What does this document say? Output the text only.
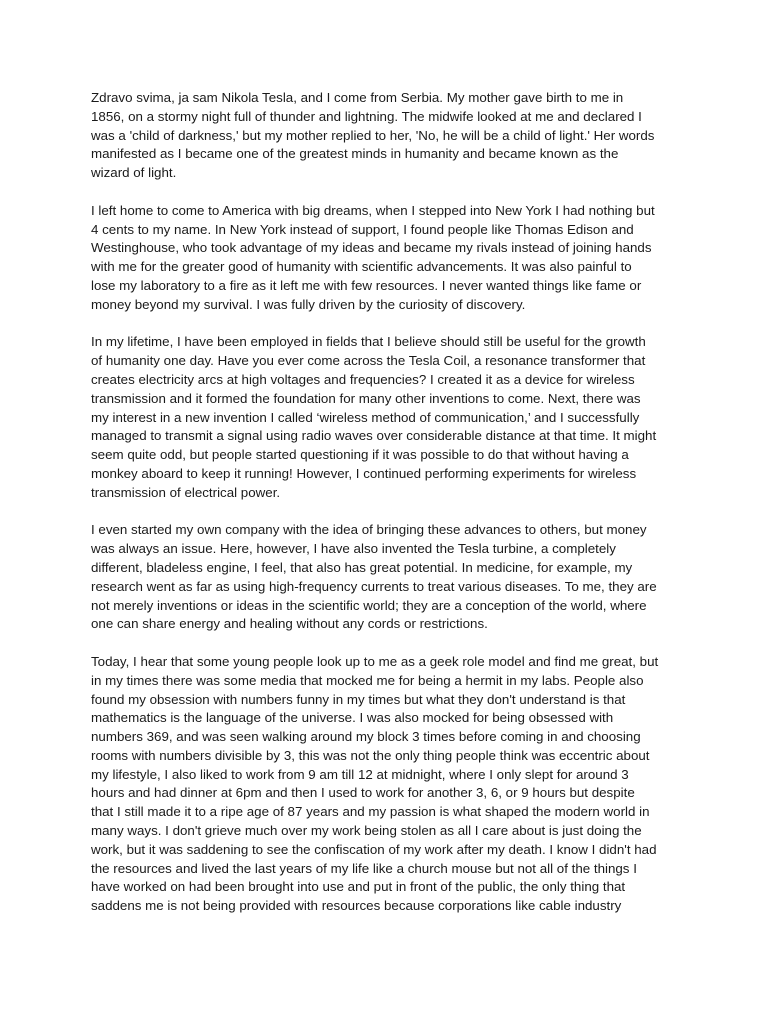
Zdravo svima, ja sam Nikola Tesla, and I come from Serbia. My mother gave birth to me in
1856, on a stormy night full of thunder and lightning. The midwife looked at me and declared I
was a 'child of darkness,' but my mother replied to her, 'No, he will be a child of light.' Her words
manifested as I became one of the greatest minds in humanity and became known as the
wizard of light.

I left home to come to America with big dreams, when I stepped into New York I had nothing but
4 cents to my name. In New York instead of support, I found people like Thomas Edison and
Westinghouse, who took advantage of my ideas and became my rivals instead of joining hands
with me for the greater good of humanity with scientific advancements. It was also painful to
lose my laboratory to a fire as it left me with few resources. I never wanted things like fame or
money beyond my survival. I was fully driven by the curiosity of discovery.

In my lifetime, I have been employed in fields that I believe should still be useful for the growth
of humanity one day. Have you ever come across the Tesla Coil, a resonance transformer that
creates electricity arcs at high voltages and frequencies? I created it as a device for wireless
transmission and it formed the foundation for many other inventions to come. Next, there was
my interest in a new invention I called ‘wireless method of communication,’ and I successfully
managed to transmit a signal using radio waves over considerable distance at that time. It might
seem quite odd, but people started questioning if it was possible to do that without having a
monkey aboard to keep it running! However, I continued performing experiments for wireless
transmission of electrical power.

I even started my own company with the idea of bringing these advances to others, but money
was always an issue. Here, however, I have also invented the Tesla turbine, a completely
different, bladeless engine, I feel, that also has great potential. In medicine, for example, my
research went as far as using high-frequency currents to treat various diseases. To me, they are
not merely inventions or ideas in the scientific world; they are a conception of the world, where
one can share energy and healing without any cords or restrictions.

Today, I hear that some young people look up to me as a geek role model and find me great, but
in my times there was some media that mocked me for being a hermit in my labs. People also
found my obsession with numbers funny in my times but what they don't understand is that
mathematics is the language of the universe. I was also mocked for being obsessed with
numbers 369, and was seen walking around my block 3 times before coming in and choosing
rooms with numbers divisible by 3, this was not the only thing people think was eccentric about
my lifestyle, I also liked to work from 9 am till 12 at midnight, where I only slept for around 3
hours and had dinner at 6pm and then I used to work for another 3, 6, or 9 hours but despite
that I still made it to a ripe age of 87 years and my passion is what shaped the modern world in
many ways. I don't grieve much over my work being stolen as all I care about is just doing the
work, but it was saddening to see the confiscation of my work after my death. I know I didn't had
the resources and lived the last years of my life like a church mouse but not all of the things I
have worked on had been brought into use and put in front of the public, the only thing that
saddens me is not being provided with resources because corporations like cable industry
